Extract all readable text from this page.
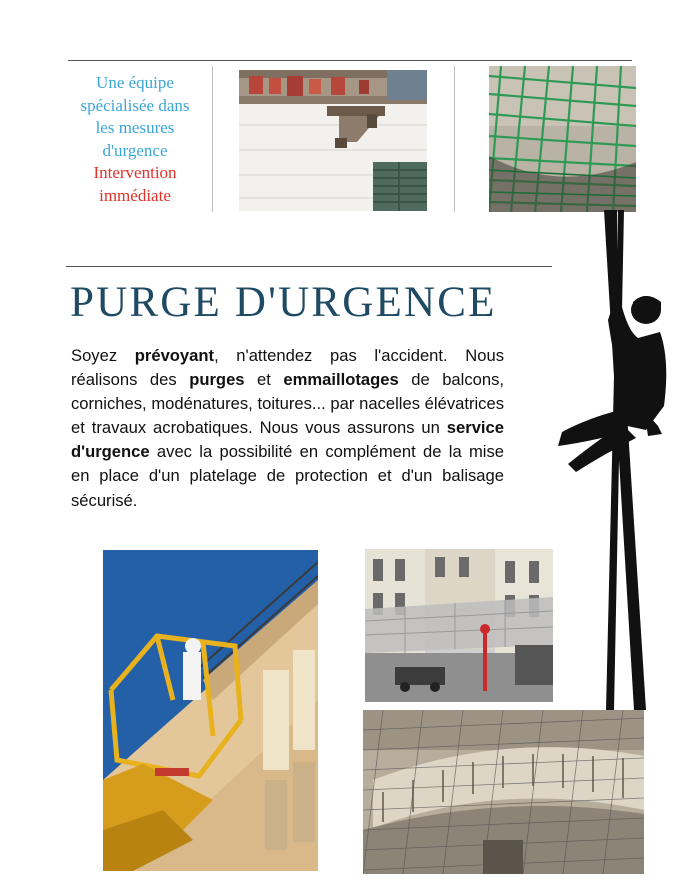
Une équipe
spécialisée dans
les mesures
d'urgence
Intervention
immédiate
PURGE D'URGENCE

Soyez prévoyant, n'attendez pas l'accident. Nous réalisons des purges et emmaillotages de balcons, corniches, modénatures, toitures... par nacelles élévatrices et travaux acrobatiques. Nous vous assurons un service d'urgence avec la possibilité en complément de la mise en place d'un platelage de protection et d'un balisage sécurisé.
